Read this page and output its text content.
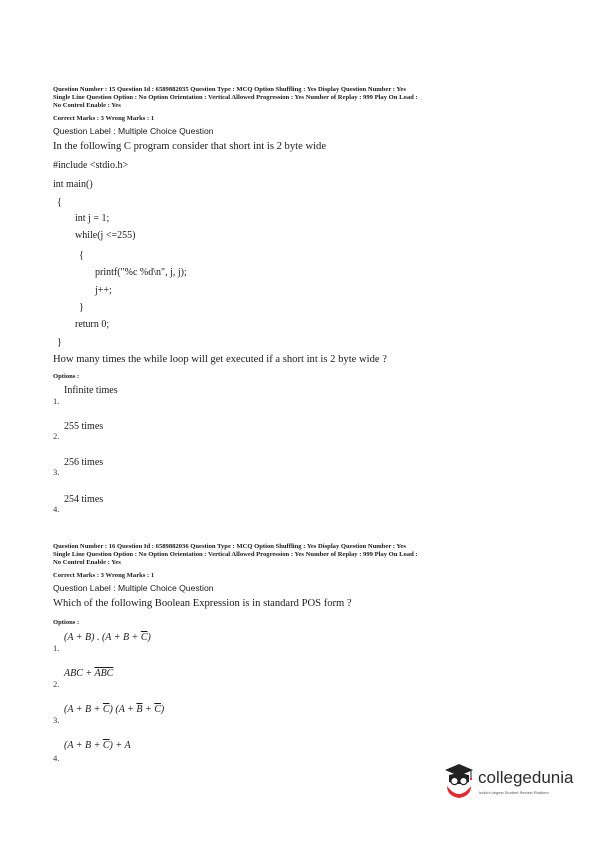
Question Number : 15 Question Id : 6589882035 Question Type : MCQ Option Shuffling : Yes Display Question Number : Yes
Single Line Question Option : No Option Orientation : Vertical Allowed Progression : Yes Number of Replay : 999 Play On Load :
No Control Enable : Yes
Correct Marks : 3 Wrong Marks : 1
Question Label : Multiple Choice Question
In the following C program consider that short int is 2 byte wide
#include <stdio.h>
int main()
{
int j = 1;
while(j <=255)
{
printf("%c %d\n", j, j);
j++;
}
return 0;
}
How many times the while loop will get executed if a short int is 2 byte wide ?
Options :
1.
Infinite times
2.
255 times
3.
256 times
4.
254 times
Question Number : 16 Question Id : 6589882036 Question Type : MCQ Option Shuffling : Yes Display Question Number : Yes
Single Line Question Option : No Option Orientation : Vertical Allowed Progression : Yes Number of Replay : 999 Play On Load :
No Control Enable : Yes
Correct Marks : 3 Wrong Marks : 1
Question Label : Multiple Choice Question
Which of the following Boolean Expression is in standard POS form ?
Options :
1.
(A + B) . $(A + B + \overline{C})$
2.
ABC + $\overline{ABC}$
3.
$(A + B + \overline{C})$ $(A + \overline{B} + \overline{C})$
4.
$(A + B + \overline{C}) + A$
collegedunia
India's largest Student Review Platform
